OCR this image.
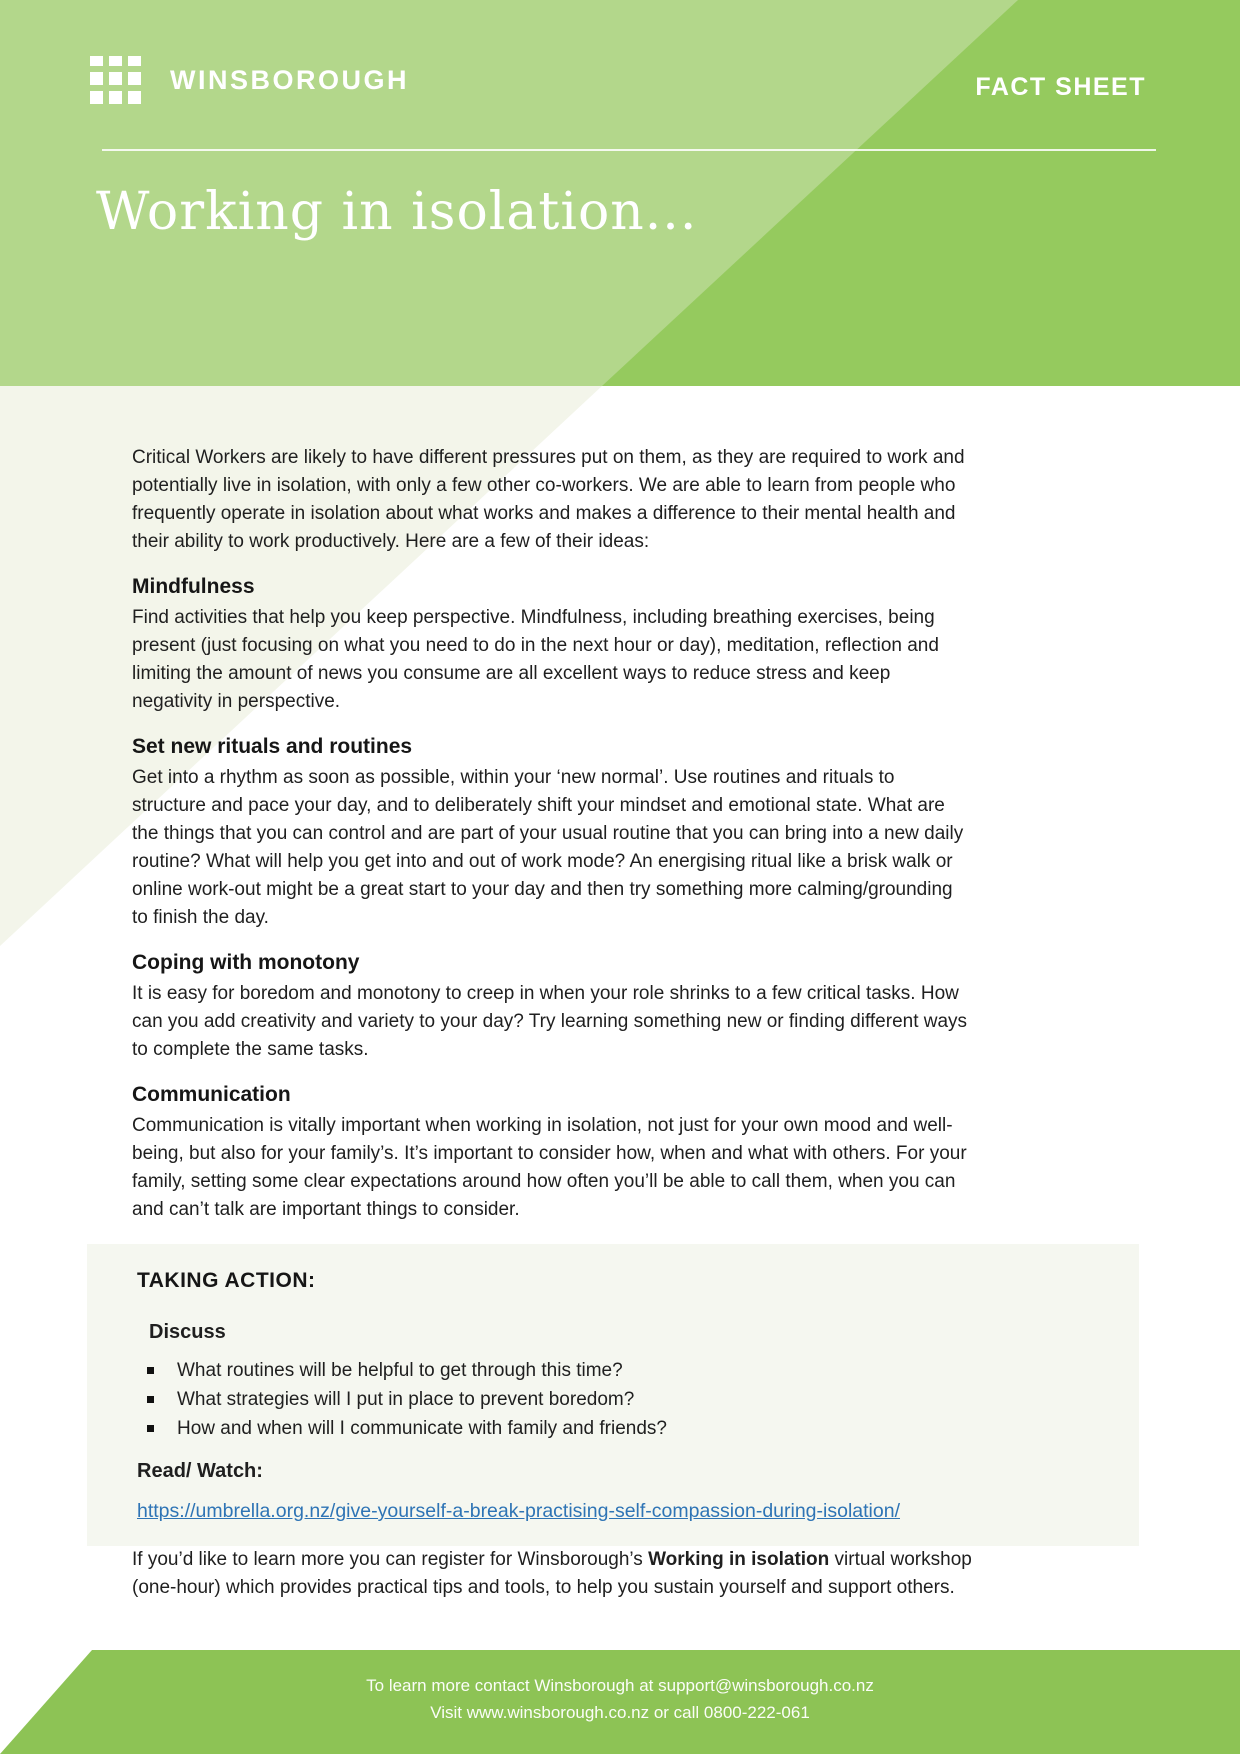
WINSBOROUGH	FACT SHEET
Working in isolation...

Critical Workers are likely to have different pressures put on them, as they are required to work and potentially live in isolation, with only a few other co-workers. We are able to learn from people who frequently operate in isolation about what works and makes a difference to their mental health and their ability to work productively. Here are a few of their ideas:

Mindfulness

Find activities that help you keep perspective. Mindfulness, including breathing exercises, being present (just focusing on what you need to do in the next hour or day), meditation, reflection and limiting the amount of news you consume are all excellent ways to reduce stress and keep negativity in perspective.

Set new rituals and routines

Get into a rhythm as soon as possible, within your ‘new normal’. Use routines and rituals to structure and pace your day, and to deliberately shift your mindset and emotional state. What are the things that you can control and are part of your usual routine that you can bring into a new daily routine? What will help you get into and out of work mode? An energising ritual like a brisk walk or online work-out might be a great start to your day and then try something more calming/grounding to finish the day.

Coping with monotony

It is easy for boredom and monotony to creep in when your role shrinks to a few critical tasks. How can you add creativity and variety to your day? Try learning something new or finding different ways to complete the same tasks.

Communication

Communication is vitally important when working in isolation, not just for your own mood and well-being, but also for your family’s. It’s important to consider how, when and what with others. For your family, setting some clear expectations around how often you’ll be able to call them, when you can and can’t talk are important things to consider.

TAKING ACTION:
Discuss
What routines will be helpful to get through this time?
What strategies will I put in place to prevent boredom?
How and when will I communicate with family and friends?
Read/ Watch:
https://umbrella.org.nz/give-yourself-a-break-practising-self-compassion-during-isolation/

If you’d like to learn more you can register for Winsborough’s Working in isolation virtual workshop (one-hour) which provides practical tips and tools, to help you sustain yourself and support others.

To learn more contact Winsborough at support@winsborough.co.nz
Visit www.winsborough.co.nz or call 0800-222-061
